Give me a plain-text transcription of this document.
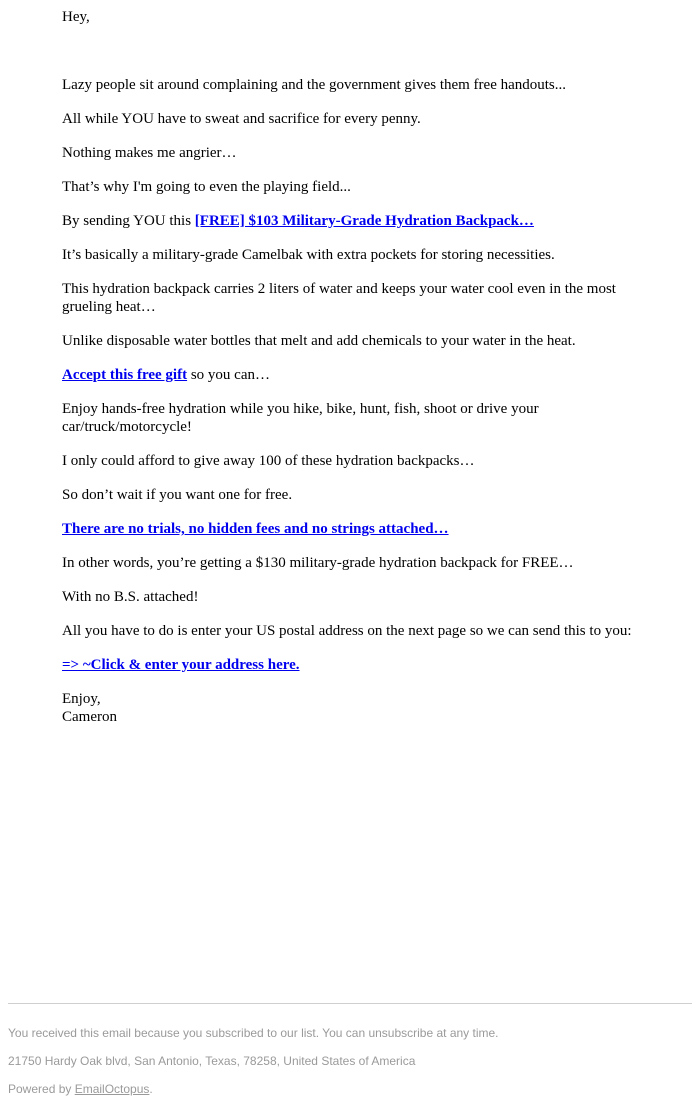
Hey,

Lazy people sit around complaining and the government gives them free handouts...

All while YOU have to sweat and sacrifice for every penny.

Nothing makes me angrier…

That’s why I'm going to even the playing field...

By sending YOU this [FREE] $103 Military-Grade Hydration Backpack…

It’s basically a military-grade Camelbak with extra pockets for storing necessities.

This hydration backpack carries 2 liters of water and keeps your water cool even in the most grueling heat…

Unlike disposable water bottles that melt and add chemicals to your water in the heat.

Accept this free gift so you can…

Enjoy hands-free hydration while you hike, bike, hunt, fish, shoot or drive your car/truck/motorcycle!

I only could afford to give away 100 of these hydration backpacks…

So don’t wait if you want one for free.

There are no trials, no hidden fees and no strings attached…

In other words, you’re getting a $130 military-grade hydration backpack for FREE…

With no B.S. attached!

All you have to do is enter your US postal address on the next page so we can send this to you:

=> ~Click & enter your address here.

Enjoy,

Cameron

You received this email because you subscribed to our list. You can unsubscribe at any time.

21750 Hardy Oak blvd, San Antonio, Texas, 78258, United States of America

Powered by EmailOctopus.
